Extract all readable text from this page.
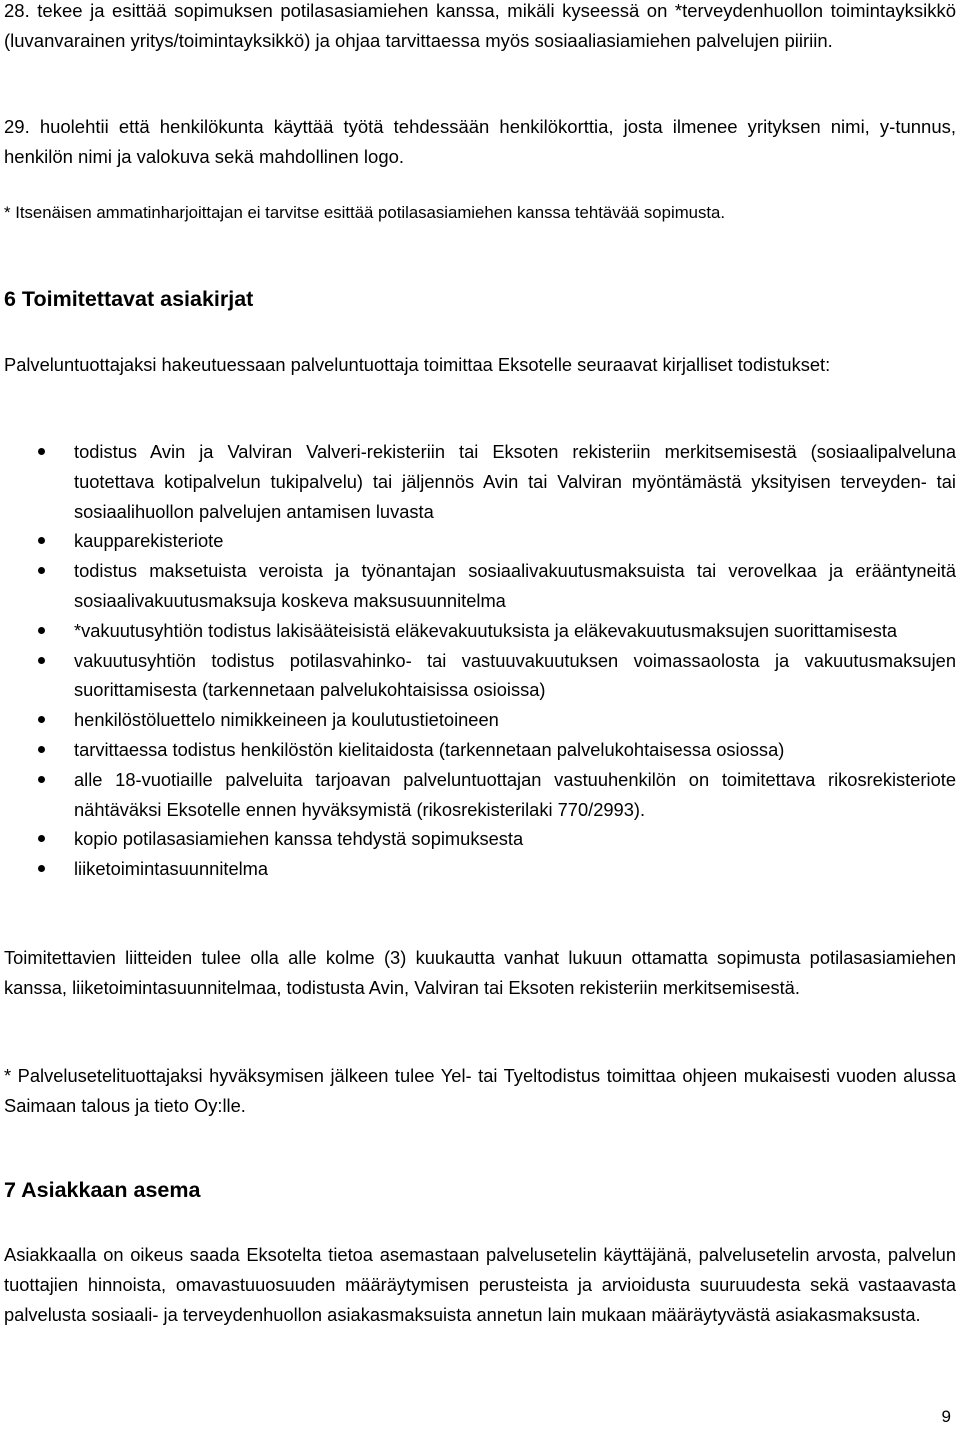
28. tekee ja esittää sopimuksen potilasasiamiehen kanssa, mikäli kyseessä on *terveydenhuollon toimintayksikkö (luvanvarainen yritys/toimintayksikkö) ja ohjaa tarvittaessa myös sosiaaliasiamiehen palvelujen piiriin.
29. huolehtii että henkilökunta käyttää työtä tehdessään henkilökorttia, josta ilmenee yrityksen nimi, y-tunnus, henkilön nimi ja valokuva sekä mahdollinen logo.
* Itsenäisen ammatinharjoittajan ei tarvitse esittää potilasasiamiehen kanssa tehtävää sopimusta.
6 Toimitettavat asiakirjat

Palveluntuottajaksi hakeutuessaan palveluntuottaja toimittaa Eksotelle seuraavat kirjalliset todistukset:

todistus Avin ja Valviran Valveri-rekisteriin tai Eksoten rekisteriin merkitsemisestä (sosiaalipalveluna tuotettava kotipalvelun tukipalvelu) tai jäljennös Avin tai Valviran myöntämästä yksityisen terveyden- tai sosiaalihuollon palvelujen antamisen luvasta
kaupparekisteriote
todistus maksetuista veroista ja työnantajan sosiaalivakuutusmaksuista tai verovelkaa ja erääntyneitä sosiaalivakuutusmaksuja koskeva maksusuunnitelma
*vakuutusyhtiön todistus lakisääteisistä eläkevakuutuksista ja eläkevakuutusmaksujen suorittamisesta
vakuutusyhtiön todistus potilasvahinko- tai vastuuvakuutuksen voimassaolosta ja vakuutusmaksujen suorittamisesta (tarkennetaan palvelukohtaisissa osioissa)
henkilöstöluettelo nimikkeineen ja koulutustietoineen
tarvittaessa todistus henkilöstön kielitaidosta (tarkennetaan palvelukohtaisessa osiossa)
alle 18-vuotiaille palveluita tarjoavan palveluntuottajan vastuuhenkilön on toimitettava rikosrekisteriote nähtäväksi Eksotelle ennen hyväksymistä (rikosrekisterilaki 770/2993).
kopio potilasasiamiehen kanssa tehdystä sopimuksesta
liiketoimintasuunnitelma

Toimitettavien liitteiden tulee olla alle kolme (3) kuukautta vanhat lukuun ottamatta sopimusta potilasasiamiehen kanssa, liiketoimintasuunnitelmaa, todistusta Avin, Valviran tai Eksoten rekisteriin merkitsemisestä.

* Palvelusetelituottajaksi hyväksymisen jälkeen tulee Yel- tai Tyeltodistus toimittaa ohjeen mukaisesti vuoden alussa Saimaan talous ja tieto Oy:lle.

7 Asiakkaan asema

Asiakkaalla on oikeus saada Eksotelta tietoa asemastaan palvelusetelin käyttäjänä, palvelusetelin arvosta, palvelun tuottajien hinnoista, omavastuuosuuden määräytymisen perusteista ja arvioidusta suuruudesta sekä vastaavasta palvelusta sosiaali- ja terveydenhuollon asiakasmaksuista annetun lain mukaan määräytyvästä asiakasmaksusta.

9
